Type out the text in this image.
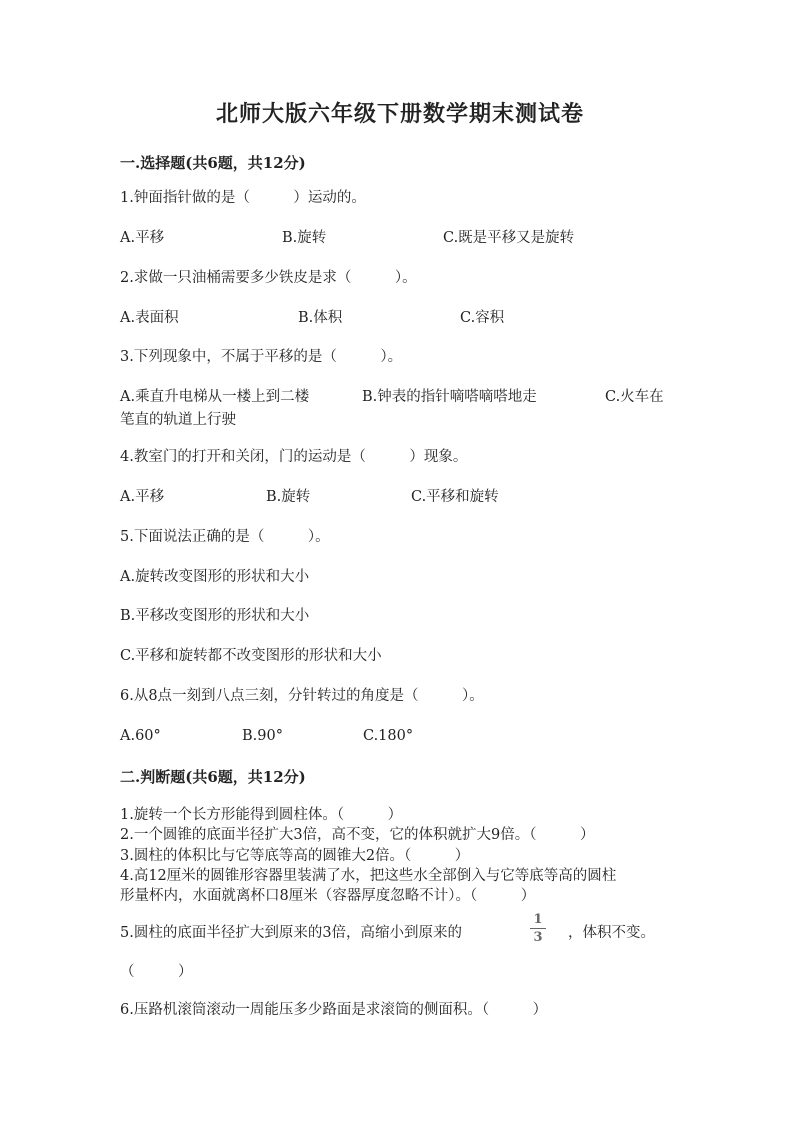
北师大版六年级下册数学期末测试卷
一.选择题(共6题，共12分)
1.钟面指针做的是（　　　）运动的。
A.平移	B.旋转	C.既是平移又是旋转
2.求做一只油桶需要多少铁皮是求（　　　）。
A.表面积	B.体积	C.容积
3.下列现象中，不属于平移的是（　　　）。
A.乘直升电梯从一楼上到二楼	B.钟表的指针嘀嗒嘀嗒地走	C.火车在
笔直的轨道上行驶
4.教室门的打开和关闭，门的运动是（　　　）现象。
A.平移	B.旋转	C.平移和旋转
5.下面说法正确的是（　　　）。
A.旋转改变图形的形状和大小
B.平移改变图形的形状和大小
C.平移和旋转都不改变图形的形状和大小
6.从8点一刻到八点三刻，分针转过的角度是（　　　）。
A.60°	B.90°	C.180°
二.判断题(共6题，共12分)
1.旋转一个长方形能得到圆柱体。（　　　）
2.一个圆锥的底面半径扩大3倍，高不变，它的体积就扩大9倍。（　　　）
3.圆柱的体积比与它等底等高的圆锥大2倍。（　　　）
4.高12厘米的圆锥形容器里装满了水，把这些水全部倒入与它等底等高的圆柱
形量杯内，水面就离杯口8厘米（容器厚度忽略不计）。（　　　）
5.圆柱的底面半径扩大到原来的3倍，高缩小到原来的
1
3 ，体积不变。
（　　　）
6.压路机滚筒滚动一周能压多少路面是求滚筒的侧面积。（　　　）
